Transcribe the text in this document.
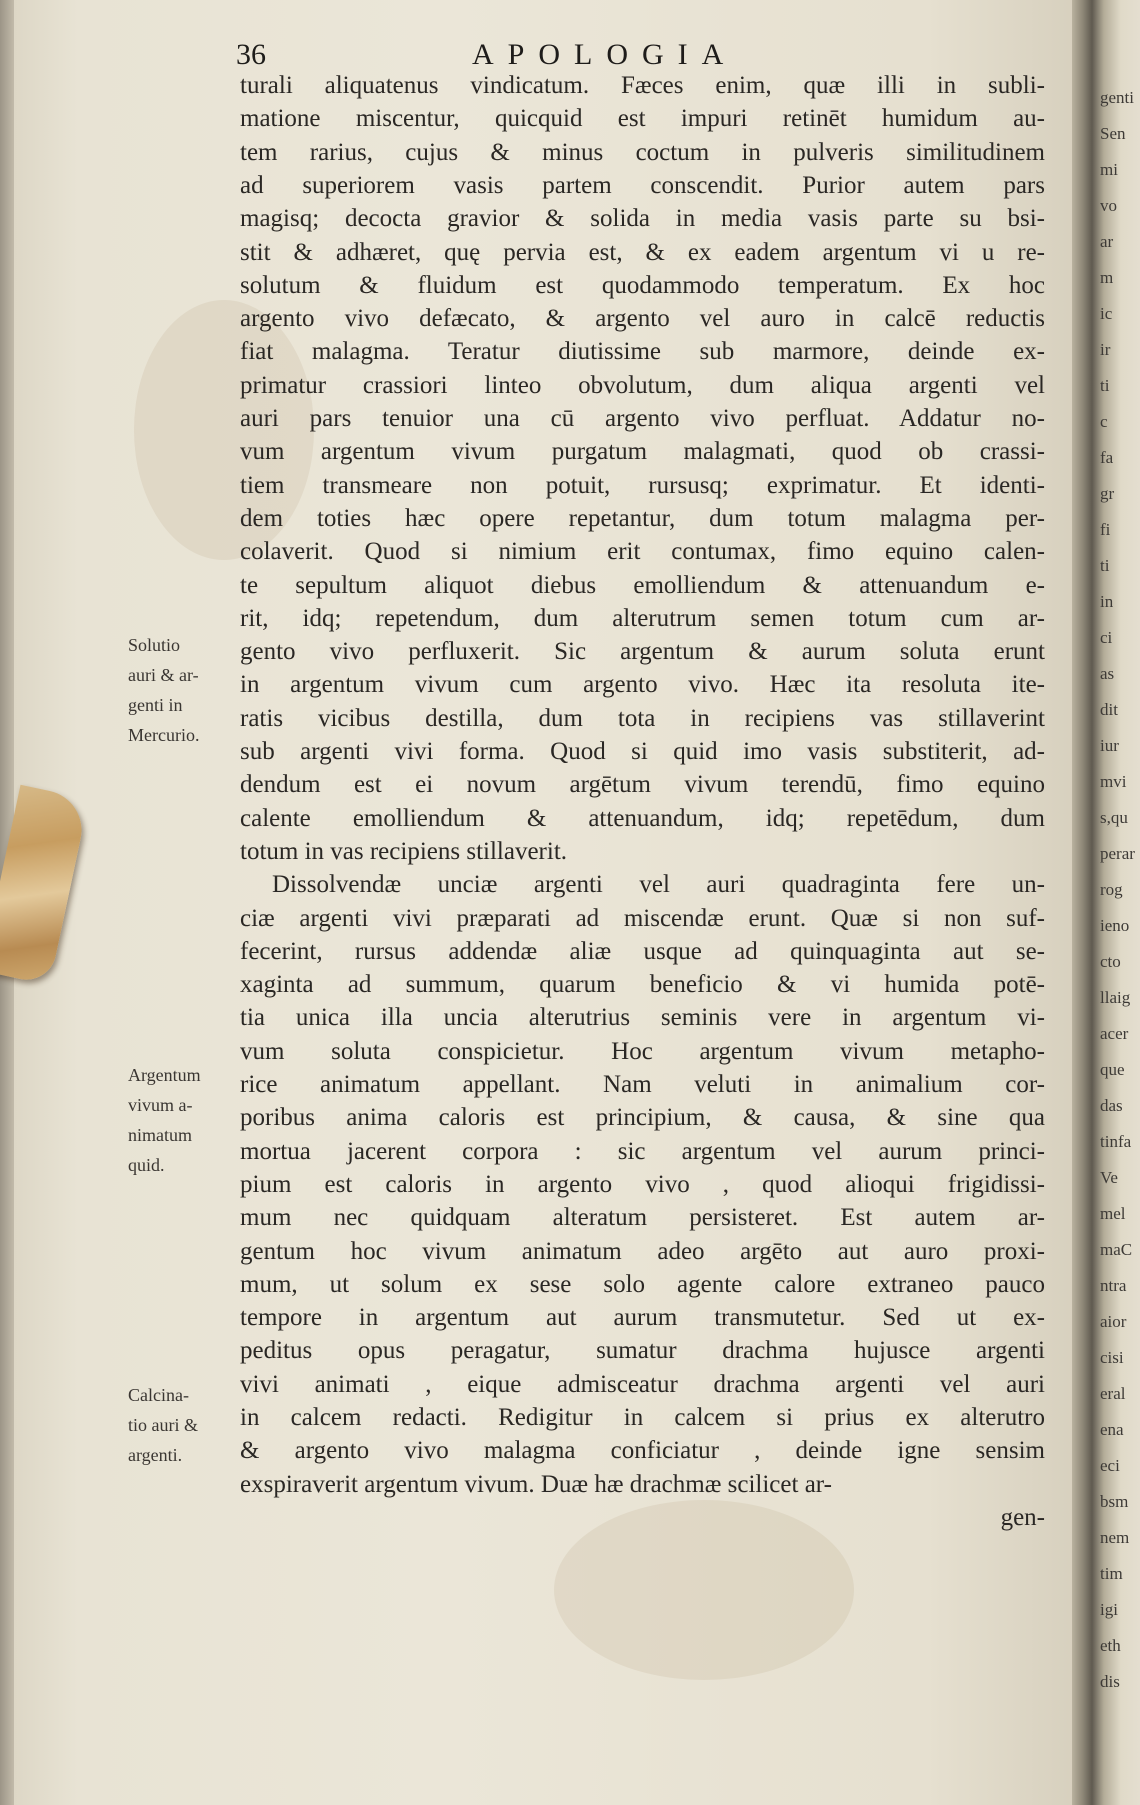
genti
Sen
mi
vo
ar
m
ic
ir
ti
c
fa
gr
fi
ti
in
ci
as
dit
iur
mvi
s,qu
perar
rog
ieno
cto
llaig
acer
que
das
tinfa
Ve
mel
maC
ntra
aior
cisi
eral
ena
eci
bsm
nem
tim
igi
eth
dis
36	APOLOGIA
turali aliquatenus vindicatum. Fæces enim, quæ illi in subli-
matione miscentur, quicquid est impuri retinēt humidum au-
tem rarius, cujus & minus coctum in pulveris similitudinem
ad superiorem vasis partem conscendit. Purior autem pars
magisq; decocta gravior & solida in media vasis parte su bsi-
stit & adhæret, quę pervia est, & ex eadem argentum vi u re-
solutum & fluidum est quodammodo temperatum. Ex hoc
argento vivo defæcato, & argento vel auro in calcē reductis
fiat malagma. Teratur diutissime sub marmore, deinde ex-
primatur crassiori linteo obvolutum, dum aliqua argenti vel
auri pars tenuior una cū argento vivo perfluat. Addatur no-
vum argentum vivum purgatum malagmati, quod ob crassi-
tiem transmeare non potuit, rursusq; exprimatur. Et identi-
dem toties hæc opere repetantur, dum totum malagma per-
colaverit. Quod si nimium erit contumax, fimo equino calen-
te sepultum aliquot diebus emolliendum & attenuandum e-
rit, idq; repetendum, dum alterutrum semen totum cum ar-
gento vivo perfluxerit. Sic argentum & aurum soluta erunt
in argentum vivum cum argento vivo. Hæc ita resoluta ite-
ratis vicibus destilla, dum tota in recipiens vas stillaverint
sub argenti vivi forma. Quod si quid imo vasis substiterit, ad-
dendum est ei novum argētum vivum terendū, fimo equino
calente emolliendum & attenuandum, idq; repetēdum, dum
totum in vas recipiens stillaverit.
Dissolvendæ unciæ argenti vel auri quadraginta fere un-
ciæ argenti vivi præparati ad miscendæ erunt. Quæ si non suf-
fecerint, rursus addendæ aliæ usque ad quinquaginta aut se-
xaginta ad summum, quarum beneficio & vi humida potē-
tia unica illa uncia alterutrius seminis vere in argentum vi-
vum soluta conspicietur. Hoc argentum vivum metapho-
rice animatum appellant. Nam veluti in animalium cor-
poribus anima caloris est principium, & causa, & sine qua
mortua jacerent corpora : sic argentum vel aurum princi-
pium est caloris in argento vivo , quod alioqui frigidissi-
mum nec quidquam alteratum persisteret. Est autem ar-
gentum hoc vivum animatum adeo argēto aut auro proxi-
mum, ut solum ex sese solo agente calore extraneo pauco
tempore in argentum aut aurum transmutetur. Sed ut ex-
peditus opus peragatur, sumatur drachma hujusce argenti
vivi animati , eique admisceatur drachma argenti vel auri
in calcem redacti. Redigitur in calcem si prius ex alterutro
& argento vivo malagma conficiatur , deinde igne sensim
exspiraverit argentum vivum. Duæ hæ drachmæ scilicet ar-
gen-
Solutio
auri & ar-
genti in
Mercurio.
Argentum
vivum a-
nimatum
quid.
Calcina-
tio auri &
argenti.
